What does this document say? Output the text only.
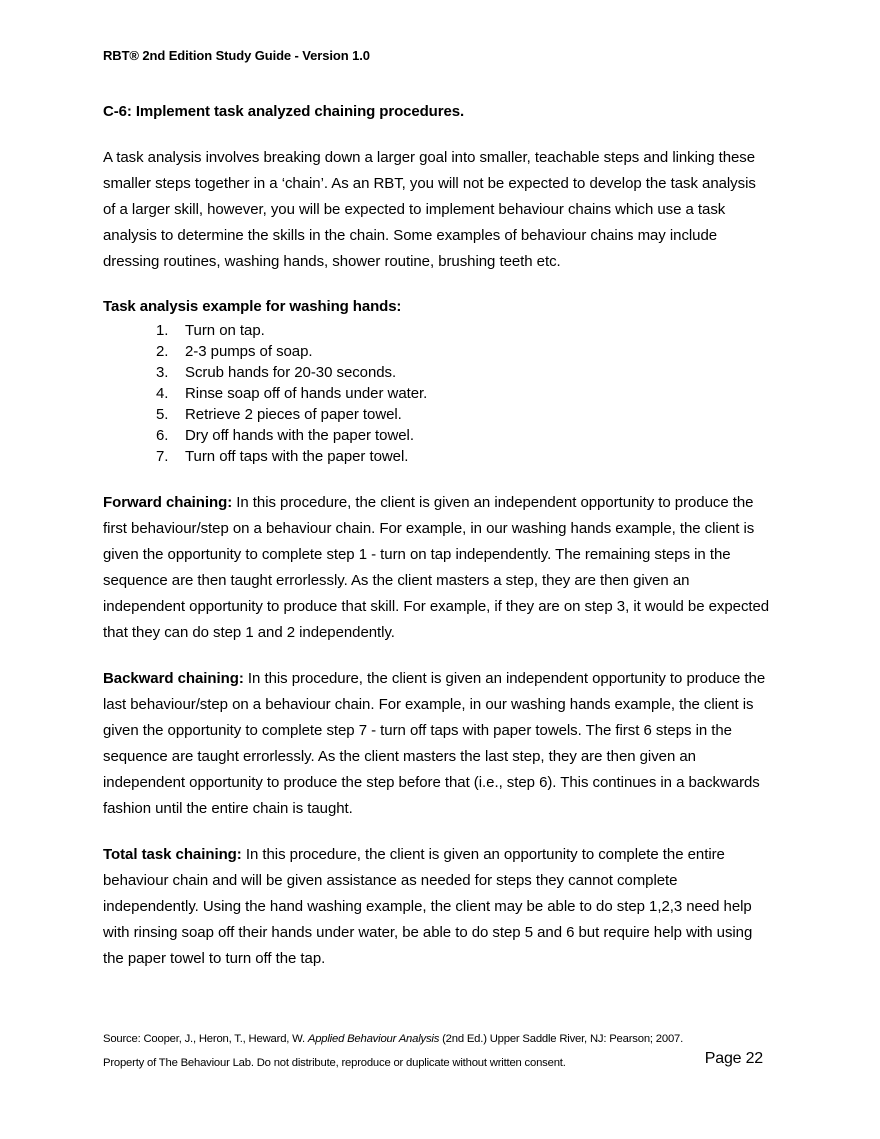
RBT® 2nd Edition Study Guide - Version 1.0
C-6: Implement task analyzed chaining procedures.

A task analysis involves breaking down a larger goal into smaller, teachable steps and linking these smaller steps together in a ‘chain’. As an RBT, you will not be expected to develop the task analysis of a larger skill, however, you will be expected to implement behaviour chains which use a task analysis to determine the skills in the chain. Some examples of behaviour chains may include dressing routines, washing hands, shower routine, brushing teeth etc.

Task analysis example for washing hands:
Turn on tap.
2-3 pumps of soap.
Scrub hands for 20-30 seconds.
Rinse soap off of hands under water.
Retrieve 2 pieces of paper towel.
Dry off hands with the paper towel.
Turn off taps with the paper towel.

Forward chaining: In this procedure, the client is given an independent opportunity to produce the first behaviour/step on a behaviour chain. For example, in our washing hands example, the client is given the opportunity to complete step 1 - turn on tap independently. The remaining steps in the sequence are then taught errorlessly. As the client masters a step, they are then given an independent opportunity to produce that skill. For example, if they are on step 3, it would be expected that they can do step 1 and 2 independently.

Backward chaining: In this procedure, the client is given an independent opportunity to produce the last behaviour/step on a behaviour chain. For example, in our washing hands example, the client is given the opportunity to complete step 7 - turn off taps with paper towels. The first 6 steps in the sequence are taught errorlessly. As the client masters the last step, they are then given an independent opportunity to produce the step before that (i.e., step 6). This continues in a backwards fashion until the entire chain is taught.

Total task chaining: In this procedure, the client is given an opportunity to complete the entire behaviour chain and will be given assistance as needed for steps they cannot complete independently. Using the hand washing example, the client may be able to do step 1,2,3 need help with rinsing soap off their hands under water, be able to do step 5 and 6 but require help with using the paper towel to turn off the tap.

Source: Cooper, J., Heron, T., Heward, W. Applied Behaviour Analysis (2nd Ed.) Upper Saddle River, NJ: Pearson; 2007.
Property of The Behaviour Lab. Do not distribute, reproduce or duplicate without written consent.	Page 22
